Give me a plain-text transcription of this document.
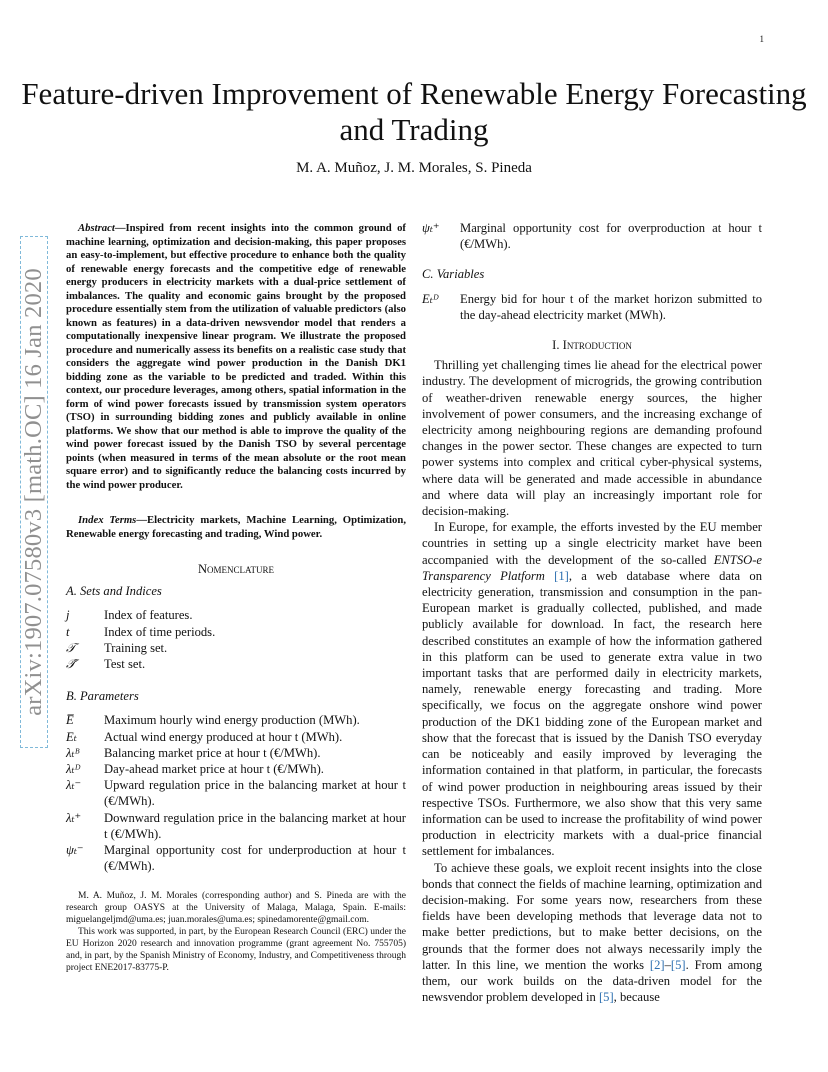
1
arXiv:1907.07580v3 [math.OC] 16 Jan 2020
Feature-driven Improvement of Renewable Energy Forecasting and Trading
M. A. Muñoz, J. M. Morales, S. Pineda

Abstract—Inspired from recent insights into the common ground of machine learning, optimization and decision-making, this paper proposes an easy-to-implement, but effective procedure to enhance both the quality of renewable energy forecasts and the competitive edge of renewable energy producers in electricity markets with a dual-price settlement of imbalances. The quality and economic gains brought by the proposed procedure essentially stem from the utilization of valuable predictors (also known as features) in a data-driven newsvendor model that renders a computationally inexpensive linear program. We illustrate the proposed procedure and numerically assess its benefits on a realistic case study that considers the aggregate wind power production in the Danish DK1 bidding zone as the variable to be predicted and traded. Within this context, our procedure leverages, among others, spatial information in the form of wind power forecasts issued by transmission system operators (TSO) in surrounding bidding zones and publicly available in online platforms. We show that our method is able to improve the quality of the wind power forecast issued by the Danish TSO by several percentage points (when measured in terms of the mean absolute or the root mean square error) and to significantly reduce the balancing costs incurred by the wind power producer.

Index Terms—Electricity markets, Machine Learning, Optimization, Renewable energy forecasting and trading, Wind power.

Nomenclature
A. Sets and Indices
j	Index of features.
t	Index of time periods.
𝒯	Training set.
𝒯̃	Test set.
B. Parameters
E̅	Maximum hourly wind energy production (MWh).
Eₜ	Actual wind energy produced at hour t (MWh).
λₜᴮ	Balancing market price at hour t (€/MWh).
λₜᴰ	Day-ahead market price at hour t (€/MWh).
λₜ⁻	Upward regulation price in the balancing market at hour t (€/MWh).
λₜ⁺	Downward regulation price in the balancing market at hour t (€/MWh).
ψₜ⁻	Marginal opportunity cost for underproduction at hour t (€/MWh).
M. A. Muñoz, J. M. Morales (corresponding author) and S. Pineda are with the research group OASYS at the University of Malaga, Malaga, Spain. E-mails: miguelangeljmd@uma.es; juan.morales@uma.es; spinedamorente@gmail.com.
This work was supported, in part, by the European Research Council (ERC) under the EU Horizon 2020 research and innovation programme (grant agreement No. 755705) and, in part, by the Spanish Ministry of Economy, Industry, and Competitiveness through project ENE2017-83775-P.
ψₜ⁺	Marginal opportunity cost for overproduction at hour t (€/MWh).
C. Variables
Eₜᴰ	Energy bid for hour t of the market horizon submitted to the day-ahead electricity market (MWh).
I. Introduction

Thrilling yet challenging times lie ahead for the electrical power industry. The development of microgrids, the growing contribution of weather-driven renewable energy sources, the higher involvement of power consumers, and the increasing exchange of electricity among neighbouring regions are demanding profound changes in the power sector. These changes are expected to turn power systems into complex and critical cyber-physical systems, where data will be generated and made accessible in abundance and where data will play an increasingly important role for decision-making.

In Europe, for example, the efforts invested by the EU member countries in setting up a single electricity market have been accompanied with the development of the so-called ENTSO-e Transparency Platform [1], a web database where data on electricity generation, transmission and consumption in the pan-European market is gradually collected, published, and made publicly available for download. In fact, the research here described constitutes an example of how the information gathered in this platform can be used to generate extra value in two important tasks that are performed daily in electricity markets, namely, renewable energy forecasting and trading. More specifically, we focus on the aggregate onshore wind power production of the DK1 bidding zone of the European market and show that the forecast that is issued by the Danish TSO everyday can be noticeably and easily improved by leveraging the information contained in that platform, in particular, the forecasts of wind power production in neighbouring areas issued by their respective TSOs. Furthermore, we also show that this very same information can be used to increase the profitability of wind power production in electricity markets with a dual-price financial settlement for imbalances.

To achieve these goals, we exploit recent insights into the close bonds that connect the fields of machine learning, optimization and decision-making. For some years now, researchers from these fields have been developing methods that leverage data not to make better predictions, but to make better decisions, on the grounds that the former does not always necessarily imply the latter. In this line, we mention the works [2]–[5]. From among them, our work builds on the data-driven model for the newsvendor problem developed in [5], because
